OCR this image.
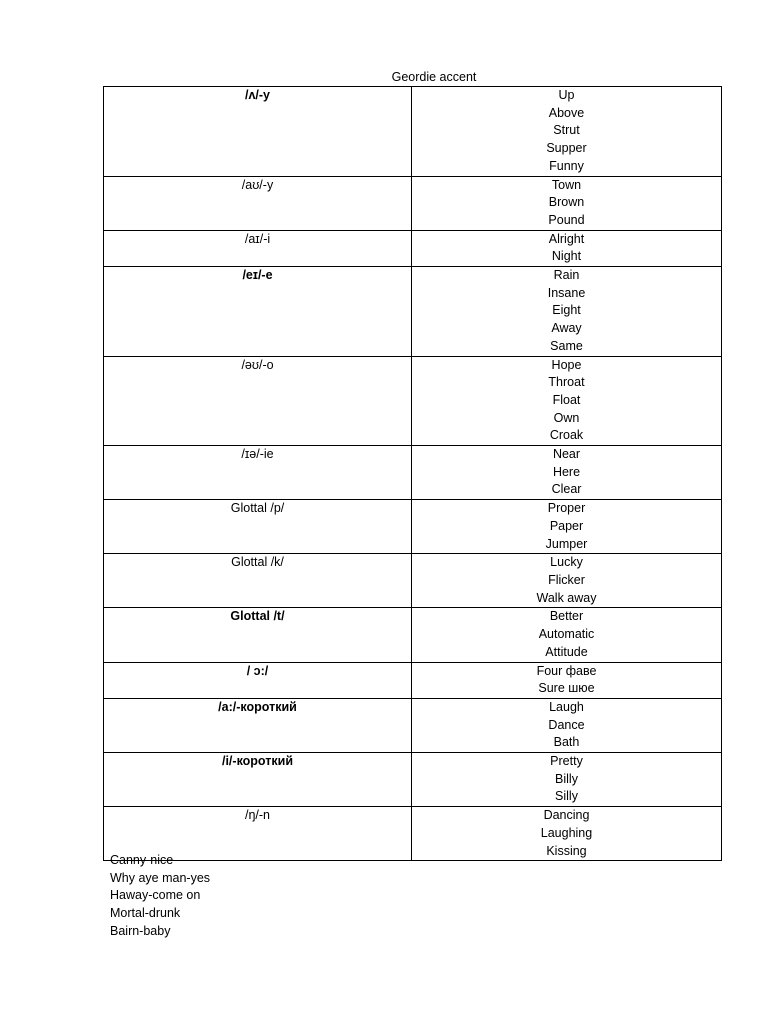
Geordie accent
/ʌ/-y	Up
Above
Strut
Supper
Funny

/aʊ/-y	Town
Brown
Pound

/aɪ/-i	Alright
Night

/eɪ/-e	Rain
Insane
Eight
Away
Same

/əʊ/-o	Hope
Throat
Float
Own
Croak

/ɪə/-ie	Near
Here
Clear

Glottal /p/	Proper
Paper
Jumper

Glottal /k/	Lucky
Flicker
Walk away

Glottal /t/	Better
Automatic
Attitude

/ ɔ:/	Four фаве
Sure шюе

/a:/-короткий	Laugh
Dance
Bath

/i/-короткий	Pretty
Billy
Silly

/ŋ/-n	Dancing
Laughing
Kissing
Canny-nice
Why aye man-yes
Haway-come on
Mortal-drunk
Bairn-baby
